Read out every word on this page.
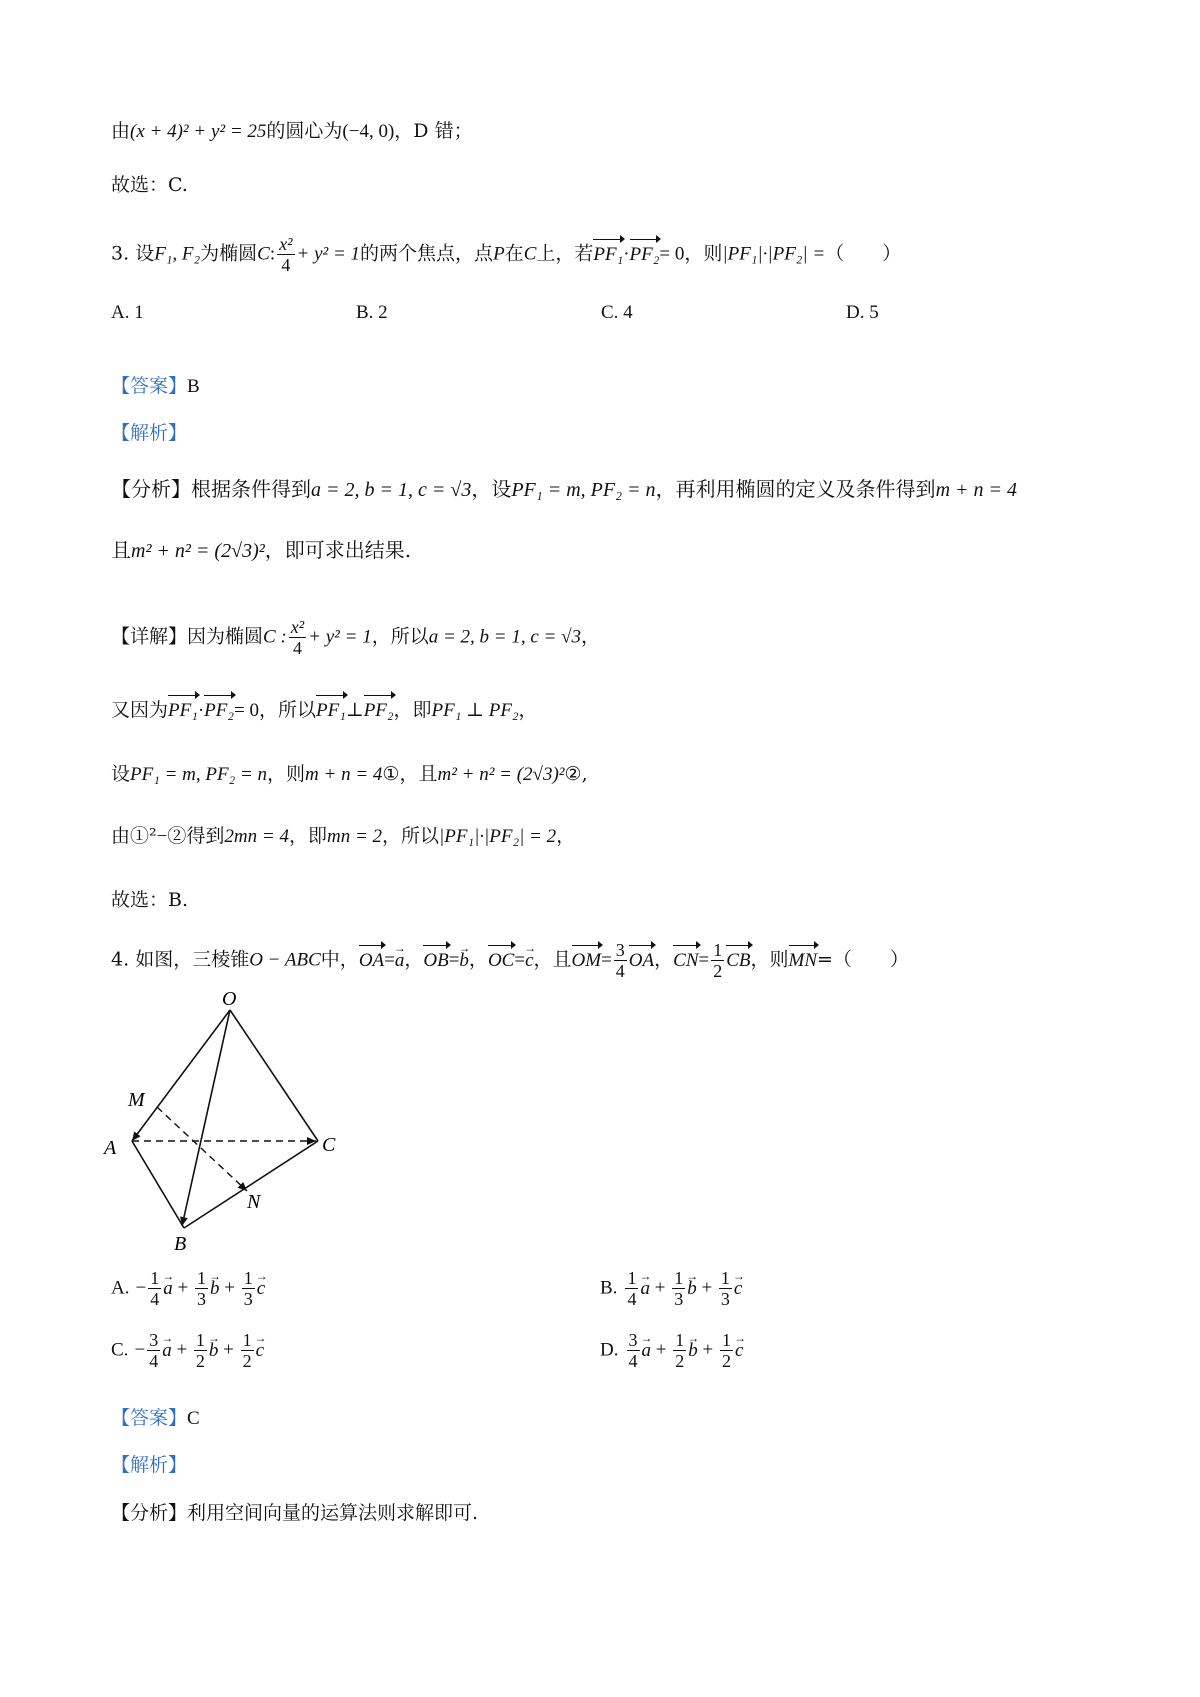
由(x + 4)² + y² = 25的圆心为(−4, 0)，D 错；
故选：C.
3. 设F₁, F₂为椭圆C: $\frac{\text{x²}}{4} + y^2 = 1$的两个焦点，点P在C上，若PF₁·PF₂= 0，则|PF₁|·|PF₂| =（　　）
A. 1	B. 2	C. 4	D. 5
【答案】B
【解析】
【分析】根据条件得到a = 2, b = 1, c = √3，设PF₁ = m, PF₂ = n，再利用椭圆的定义及条件得到m + n = 4
且m² + n² = (2√3)²，即可求出结果.
【详解】因为椭圆C : $\frac{\text{x²}}{4} + y^2 = 1$，所以a = 2, b = 1, c = √3，
又因为PF₁·PF₂= 0，所以PF₁⊥PF₂，即PF₁ ⊥ PF₂，
设PF₁ = m, PF₂ = n，则m + n = 4①，且m² + n² = (2√3)²②,
由①²−②得到2mn = 4，即mn = 2，所以|PF₁|·|PF₂| = 2，
故选：B.
4. 如图，三棱锥O − ABC中，OA=→ a，OB=→ b，OC=→ c，且$OM= \frac{3}{4}$ OA，$CN= \frac{1}{2}$ CB，则MN=（　　）
O
M
A	C
N
B
A. − $\frac{1}{4}$
→ $a + \frac{1}{3}$
→ $b + \frac{1}{3}$
→ c	B. $\frac{1}{4}$
→ $a + \frac{1}{3}$
→ $b + \frac{1}{3}$
→ c
C. − $\frac{3}{4}$
→ $a + \frac{1}{2}$
→ $b + \frac{1}{2}$
→ c	D. $\frac{3}{4}$
→ $a + \frac{1}{2}$
→ $b + \frac{1}{2}$
→ c
【答案】C
【解析】
【分析】利用空间向量的运算法则求解即可.
